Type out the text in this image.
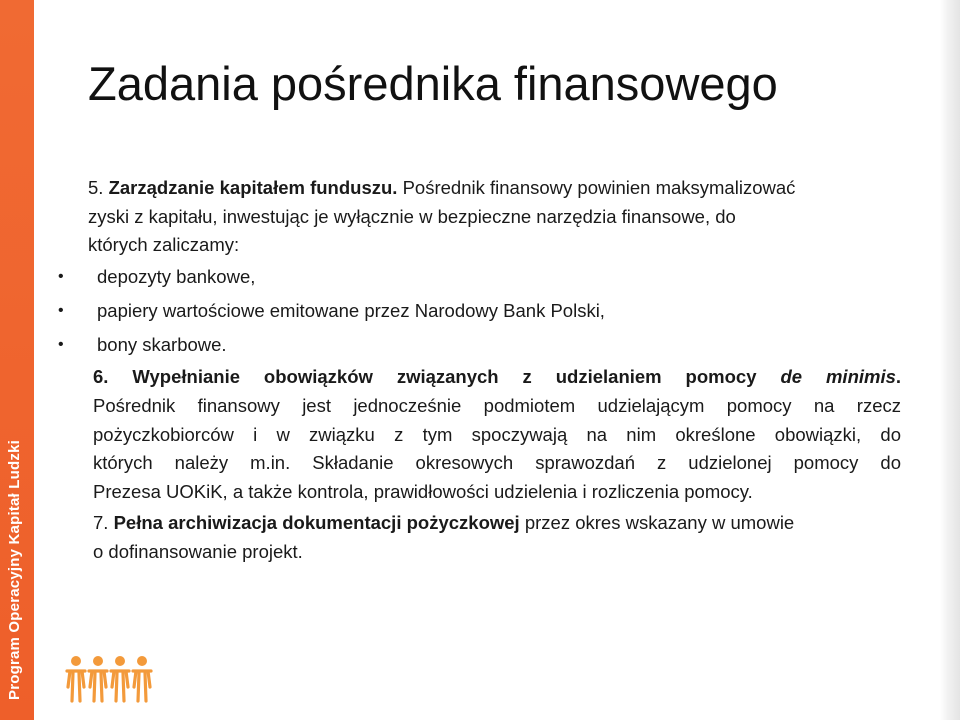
Program Operacyjny Kapitał Ludzki
Zadania pośrednika finansowego
5. Zarządzanie kapitałem funduszu. Pośrednik finansowy powinien maksymalizować
zyski z kapitału, inwestując je wyłącznie w bezpieczne narzędzia finansowe, do
których zaliczamy:
• depozyty bankowe,
• papiery wartościowe emitowane przez Narodowy Bank Polski,
• bony skarbowe.
6. Wypełnianie obowiązków związanych z udzielaniem pomocy de minimis.
Pośrednik finansowy jest jednocześnie podmiotem udzielającym pomocy na rzecz
pożyczkobiorców i w związku z tym spoczywają na nim określone obowiązki, do
których należy m.in. Składanie okresowych sprawozdań z udzielonej pomocy do
Prezesa UOKiK, a także kontrola, prawidłowości udzielenia i rozliczenia pomocy.
7. Pełna archiwizacja dokumentacji pożyczkowej przez okres wskazany w umowie
o dofinansowanie projekt.
